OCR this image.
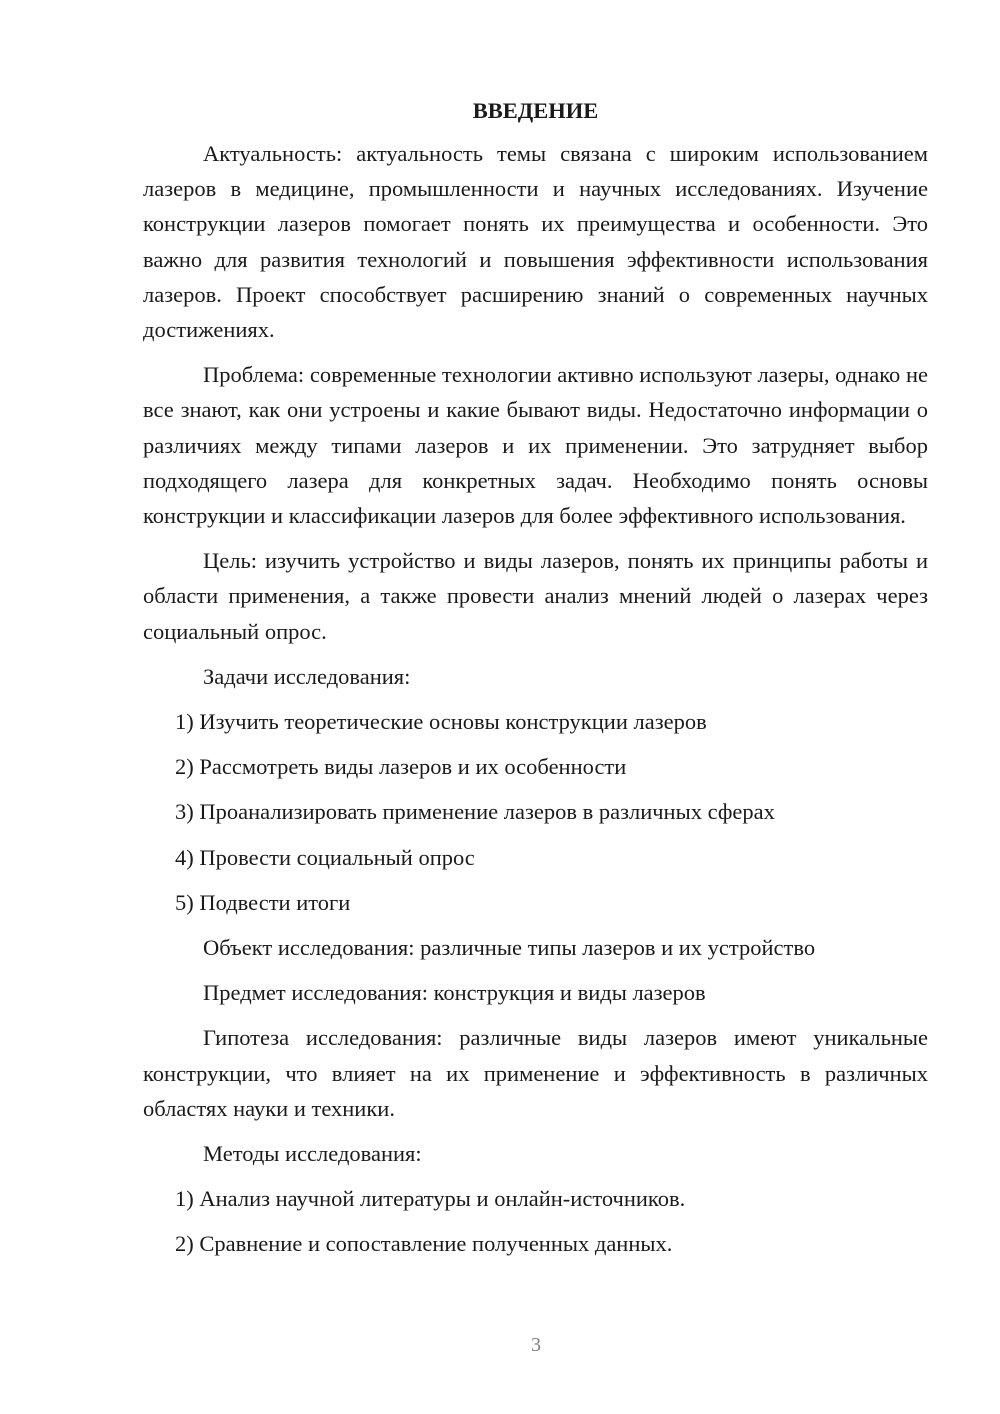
ВВЕДЕНИЕ

Актуальность: актуальность темы связана с широким использованием лазеров в медицине, промышленности и научных исследованиях. Изучение конструкции лазеров помогает понять их преимущества и особенности. Это важно для развития технологий и повышения эффективности использования лазеров. Проект способствует расширению знаний о современных научных достижениях.

Проблема: современные технологии активно используют лазеры, однако не все знают, как они устроены и какие бывают виды. Недостаточно информации о различиях между типами лазеров и их применении. Это затрудняет выбор подходящего лазера для конкретных задач. Необходимо понять основы конструкции и классификации лазеров для более эффективного использования.

Цель: изучить устройство и виды лазеров, понять их принципы работы и области применения, а также провести анализ мнений людей о лазерах через социальный опрос.

Задачи исследования:

1) Изучить теоретические основы конструкции лазеров

2) Рассмотреть виды лазеров и их особенности

3) Проанализировать применение лазеров в различных сферах

4) Провести социальный опрос

5) Подвести итоги

Объект исследования: различные типы лазеров и их устройство

Предмет исследования: конструкция и виды лазеров

Гипотеза исследования: различные виды лазеров имеют уникальные конструкции, что влияет на их применение и эффективность в различных областях науки и техники.

Методы исследования:

1) Анализ научной литературы и онлайн-источников.

2) Сравнение и сопоставление полученных данных.

3
